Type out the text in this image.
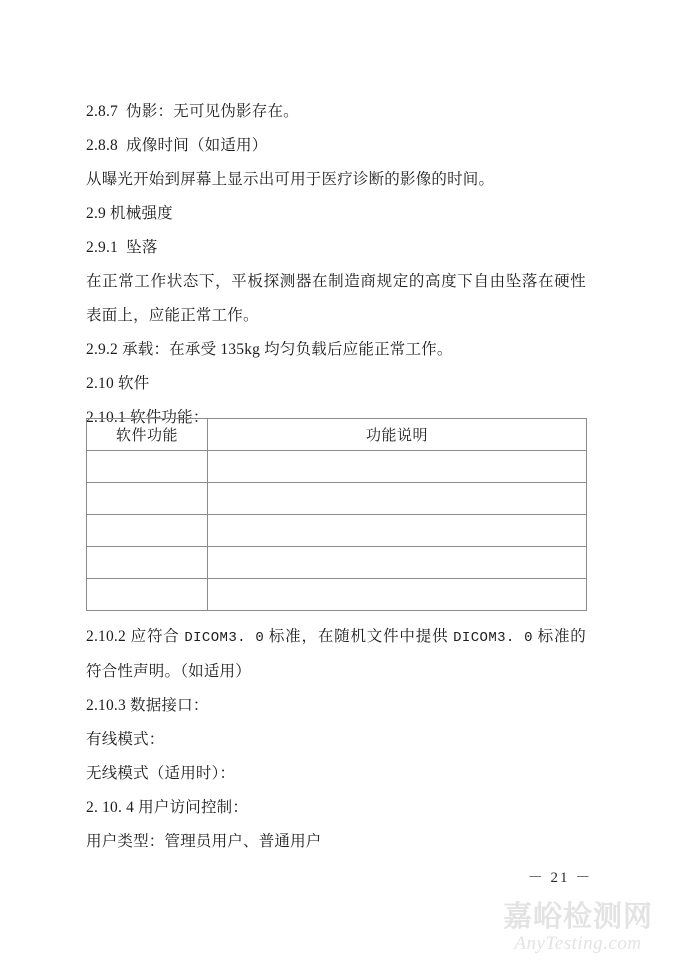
2.8.7  伪影：无可见伪影存在。
2.8.8  成像时间（如适用）
从曝光开始到屏幕上显示出可用于医疗诊断的影像的时间。
2.9 机械强度
2.9.1  坠落
在正常工作状态下，平板探测器在制造商规定的高度下自由坠落在硬性表面上，应能正常工作。
2.9.2 承载：在承受 135kg 均匀负载后应能正常工作。
2.10 软件
2.10.1 软件功能：
软件功能	功能说明

2.10.2 应符合 DICOM3. 0 标准，在随机文件中提供 DICOM3. 0 标准的符合性声明。（如适用）
2.10.3 数据接口：
有线模式：
无线模式（适用时）：
2. 10. 4 用户访问控制：
用户类型：管理员用户、普通用户
－ 21 －
嘉峪检测网
AnyTesting.com
